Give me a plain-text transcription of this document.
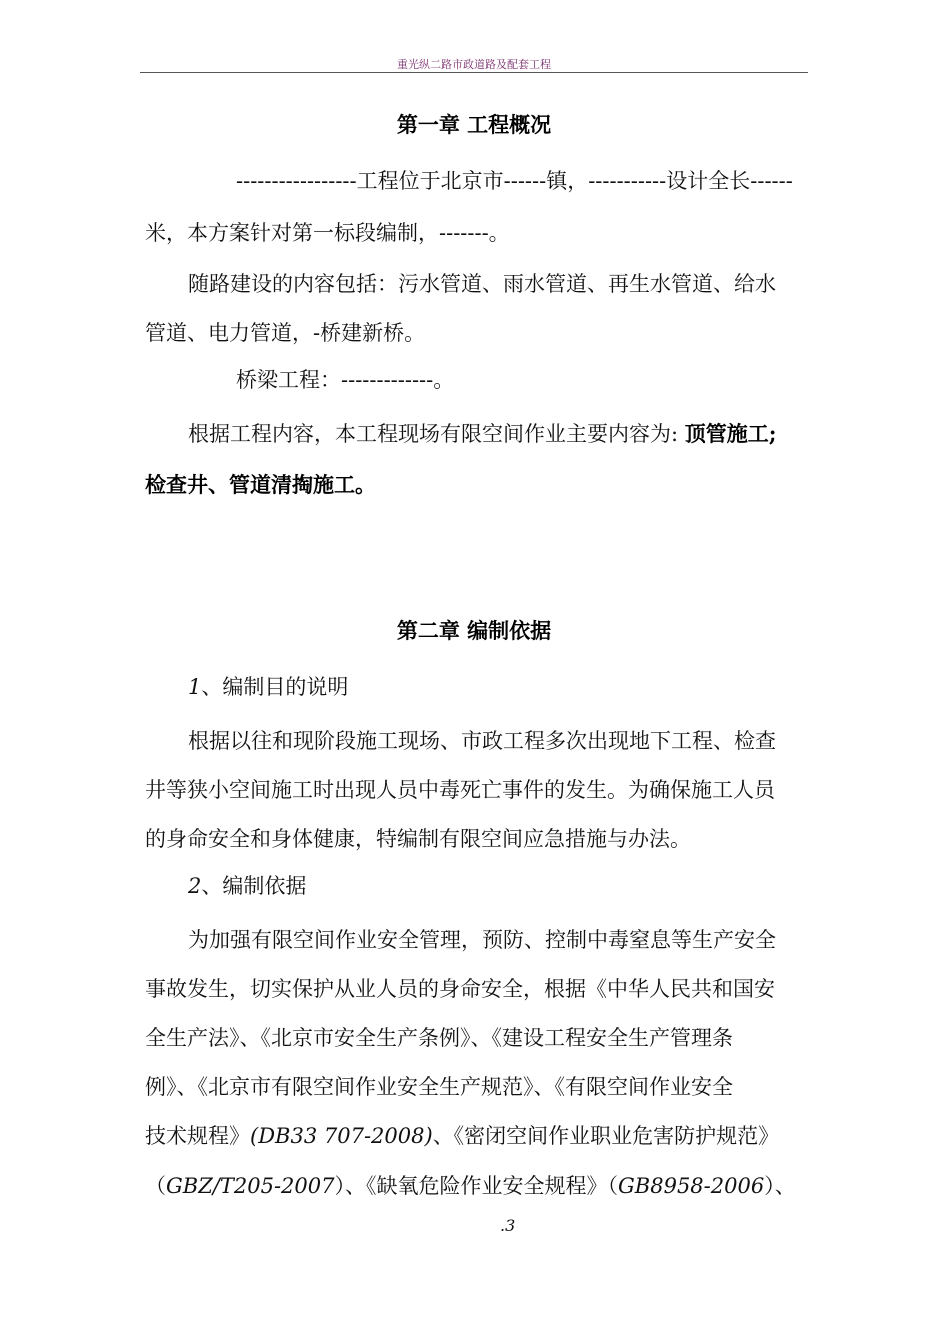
重光纵二路市政道路及配套工程
第一章 工程概况
-----------------工程位于北京市------镇，-----------设计全长------
米，本方案针对第一标段编制，-------。
随路建设的内容包括：污水管道、雨水管道、再生水管道、给水
管道、电力管道，-桥建新桥。
桥梁工程：-------------。
根据工程内容，本工程现场有限空间作业主要内容为: 顶管施工;
检查井、管道清掏施工。
第二章 编制依据
1、编制目的说明
根据以往和现阶段施工现场、市政工程多次出现地下工程、检查
井等狭小空间施工时出现人员中毒死亡事件的发生。为确保施工人员
的身命安全和身体健康，特编制有限空间应急措施与办法。
2、编制依据
为加强有限空间作业安全管理，预防、控制中毒窒息等生产安全
事故发生，切实保护从业人员的身命安全，根据《中华人民共和国安
全生产法》、《北京市安全生产条例》、《建设工程安全生产管理条
例》、《北京市有限空间作业安全生产规范》、《有限空间作业安全
技术规程》(DB33 707-2008)、《密闭空间作业职业危害防护规范》
（GBZ/T205-2007）、《缺氧危险作业安全规程》（GB8958-2006）、
.3
